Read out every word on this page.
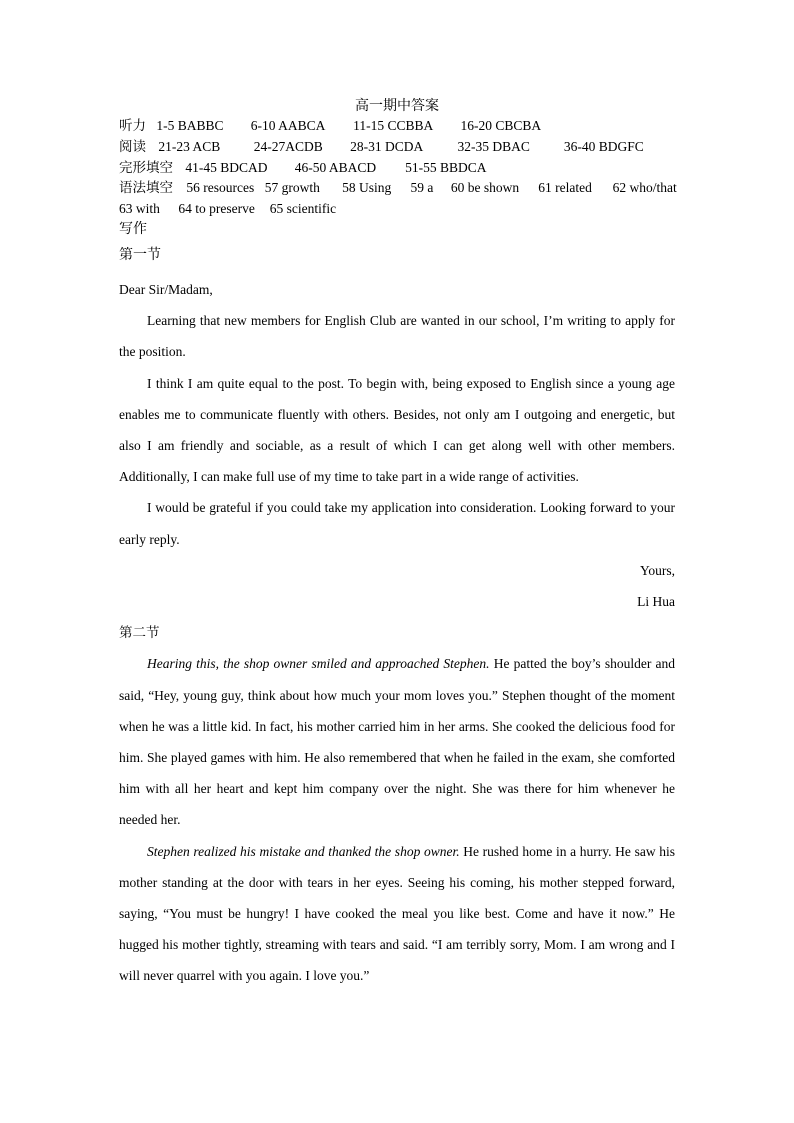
高一期中答案
听力 1-5 BABBC 6-10 AABCA 11-15 CCBBA 16-20 CBCBA
阅读 21-23 ACB 24-27ACDB 28-31 DCDA	32-35 DBAC	36-40 BDGFC
完形填空 41-45 BDCAD 46-50 ABACD 51-55 BBDCA
语法填空 56 resources 57 growth 58 Using 59 a 60 be shown 61 related 62 who/that
63 with 64 to preserve 65 scientific
写作
第一节
Dear Sir/Madam,
Learning that new members for English Club are wanted in our school, I’m writing to apply for the position.
I think I am quite equal to the post. To begin with, being exposed to English since a young age enables me to communicate fluently with others. Besides, not only am I outgoing and energetic, but also I am friendly and sociable, as a result of which I can get along well with other members. Additionally, I can make full use of my time to take part in a wide range of activities.
I would be grateful if you could take my application into consideration. Looking forward to your early reply.
Yours,
Li Hua
第二节
Hearing this, the shop owner smiled and approached Stephen. He patted the boy’s shoulder and said, “Hey, young guy, think about how much your mom loves you.” Stephen thought of the moment when he was a little kid. In fact, his mother carried him in her arms. She cooked the delicious food for him. She played games with him. He also remembered that when he failed in the exam, she comforted him with all her heart and kept him company over the night. She was there for him whenever he needed her.
Stephen realized his mistake and thanked the shop owner. He rushed home in a hurry. He saw his mother standing at the door with tears in her eyes. Seeing his coming, his mother stepped forward, saying, “You must be hungry! I have cooked the meal you like best. Come and have it now.” He hugged his mother tightly, streaming with tears and said. “I am terribly sorry, Mom. I am wrong and I will never quarrel with you again. I love you.”
